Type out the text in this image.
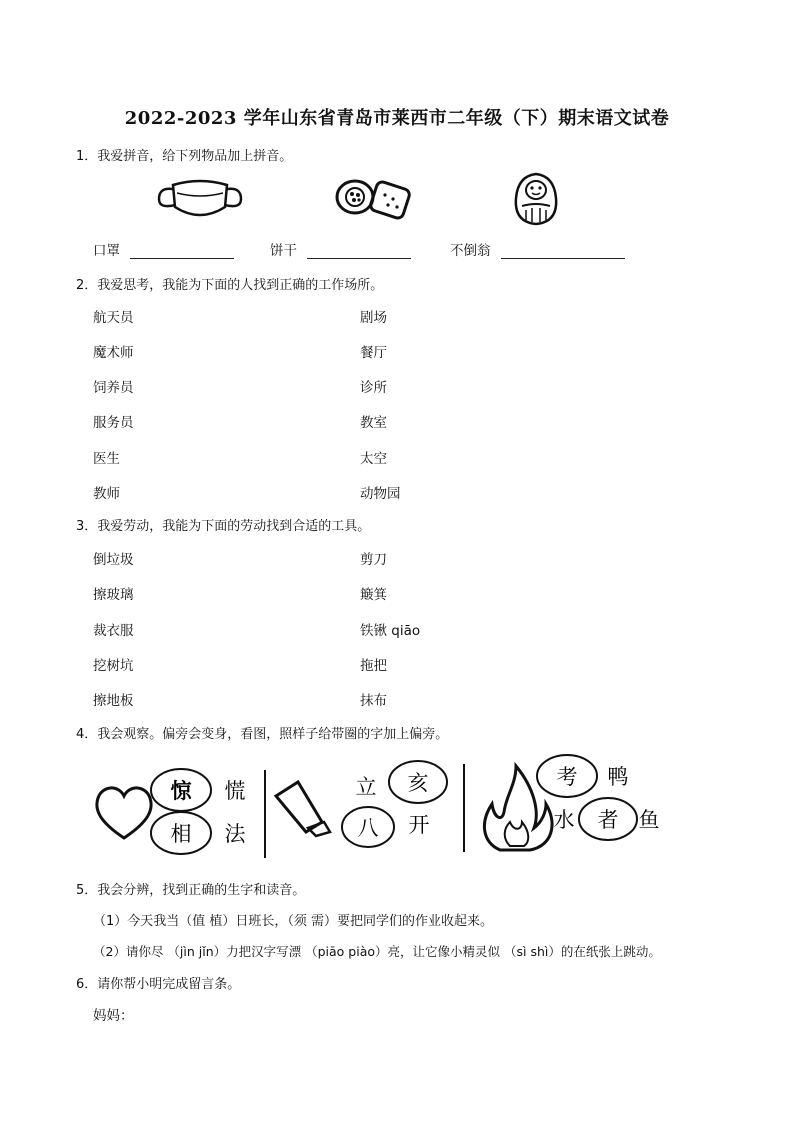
2022-2023 学年山东省青岛市莱西市二年级（下）期末语文试卷
1．我爱拼音，给下列物品加上拼音。
口罩	饼干	不倒翁
2．我爱思考，我能为下面的人找到正确的工作场所。
航天员
魔术师
饲养员
服务员
医生
教师
剧场
餐厅
诊所
教室
太空
动物园
3．我爱劳动，我能为下面的劳动找到合适的工具。
倒垃圾
擦玻璃
裁衣服
挖树坑
擦地板
剪刀
簸箕
铁锹 qiāo
拖把
抹布
4．我会观察。偏旁会变身，看图，照样子给带圈的字加上偏旁。
惊 慌
相 法
立 亥
八 开
考 鸭
水 者 鱼
5．我会分辨，找到正确的生字和读音。
（1）今天我当（值 植）日班长，（须 需）要把同学们的作业收起来。
（2）请你尽 （jìn jǐn）力把汉字写漂 （piāo piào）亮，让它像小精灵似 （sì shì）的在纸张上跳动。
6．请你帮小明完成留言条。
妈妈：
